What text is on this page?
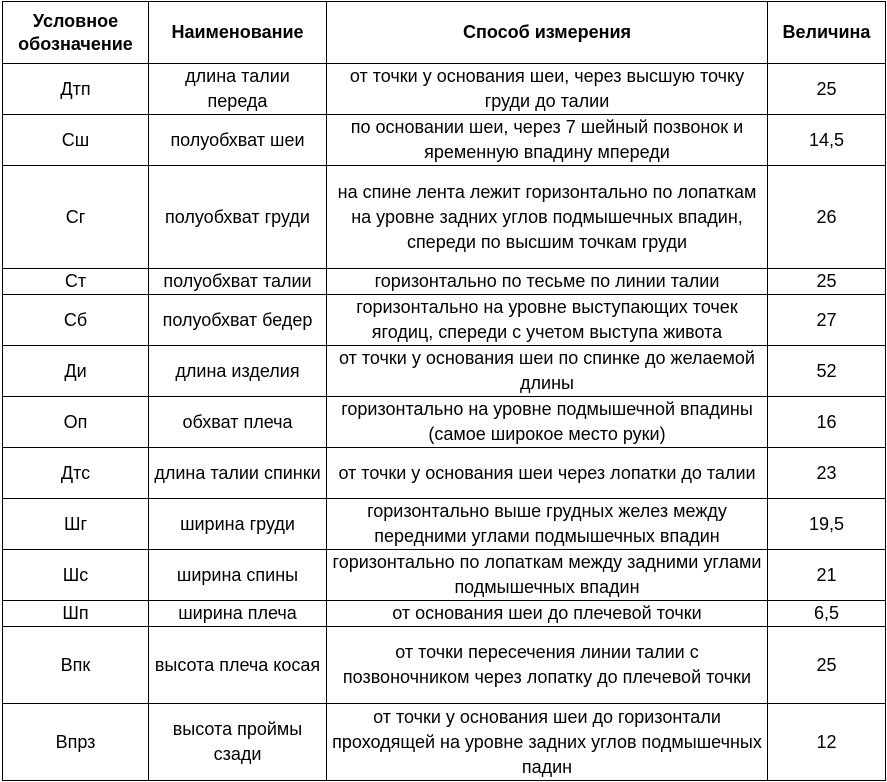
Условное обозначение	Наименование	Способ измерения	Величина
Дтп	длина талии переда	от точки у основания шеи, через высшую точку груди до талии	25
Сш	полуобхват шеи	по основании шеи, через 7 шейный позвонок и яремeнную впадину мпереди	14,5
Сг	полуобхват груди	на спине лента лежит горизонтально по лопаткам на уровне задних углов подмышечных впадин, спереди по высшим точкам груди	26
Ст	полуобхват талии	горизонтально по тесьме по линии талии	25
Сб	полуобхват бедер	горизонтально на уровне выступающих точек ягодиц, спереди с учетом выступа живота	27
Ди	длина изделия	от точки у основания шеи по спинке до желаемой длины	52
Оп	обхват плеча	горизонтально на уровне подмышечной впадины (самое широкое место руки)	16
Дтс	длина талии спинки	от точки у основания шеи через лопатки до талии	23
Шг	ширина груди	горизонтально выше грудных желез между передними углами подмышечных впадин	19,5
Шс	ширина спины	горизонтально по лопаткам между задними углами подмышечных впадин	21
Шп	ширина плеча	от основания шеи до плечевой точки	6,5
Впк	высота плеча косая	от точки пересечения линии талии с позвоночником через лопатку до плечевой точки	25
Впрз	высота проймы сзади	от точки у основания шеи до горизонтали проходящей на уровне задних углов подмышечных падин	12
